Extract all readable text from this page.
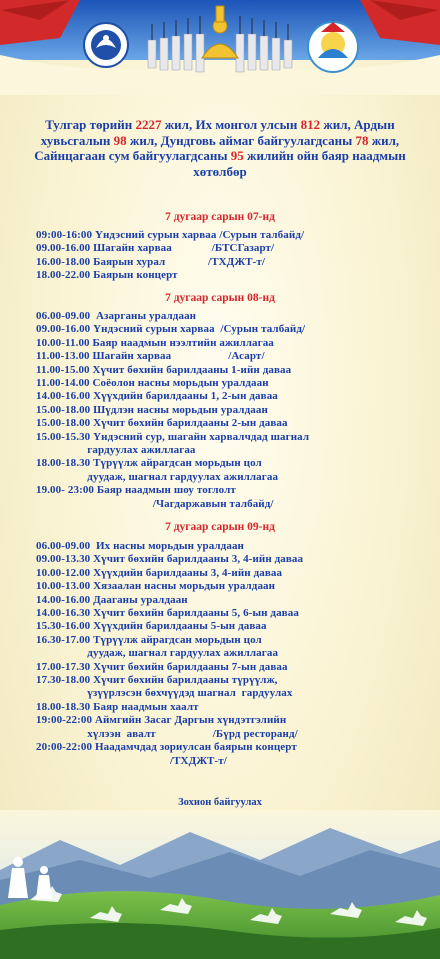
Тулгар төрийн 2227 жил, Их монгол улсын 812 жил, Ардын хувьсгалын 98 жил, Дундговь аймаг байгуулагдсаны 78 жил, Сайнцагаан сум байгуулагдсаны 95 жилийн ойн баяр наадмын хөтөлбөр
7 дугаар сарын 07-нд
09:00-16:00 Үндэсний сурын харваа /Сурын талбайд/
09.00-16.00 Шагайн харваа              /БТСГазарт/
16.00-18.00 Баярын хурал               /ТХДЖТ-т/
18.00-22.00 Баярын концерт
7 дугаар сарын 08-нд
06.00-09.00  Азарганы уралдаан
09.00-16.00 Үндэсний сурын харваа  /Сурын талбайд/
10.00-11.00 Баяр наадмын нээлтийн ажиллагаа
11.00-13.00 Шагайн харваа                    /Асарт/
11.00-15.00 Хүчит бөхийн барилдааны 1-ийн даваа
11.00-14.00 Соёолон насны морьдын уралдаан
14.00-16.00 Хүүхдийн барилдааны 1, 2-ын даваа
15.00-18.00 Шүдлэн насны морьдын уралдаан
15.00-18.00 Хүчит бөхийн барилдааны 2-ын даваа
15.00-15.30 Үндэсний сур, шагайн харвалчдад шагнал
гардуулах ажиллагаа
18.00-18.30 Түрүүлж айрагдсан морьдын цол
дуудаж, шагнал гардуулах ажиллагаа
19.00- 23:00 Баяр наадмын шоу тоглолт
/Чагдаржавын талбайд/
7 дугаар сарын 09-нд
06.00-09.00  Их насны морьдын уралдаан
09.00-13.30 Хүчит бөхийн барилдааны 3, 4-ийн даваа
10.00-12.00 Хүүхдийн барилдааны 3, 4-ийн даваа
10.00-13.00 Хязаалан насны морьдын уралдаан
14.00-16.00 Дааганы уралдаан
14.00-16.30 Хүчит бөхийн барилдааны 5, 6-ын даваа
15.30-16.00 Хүүхдийн барилдааны 5-ын даваа
16.30-17.00 Түрүүлж айрагдсан морьдын цол
дуудаж, шагнал гардуулах ажиллагаа
17.00-17.30 Хүчит бөхийн барилдааны 7-ын даваа
17.30-18.00 Хүчит бөхийн барилдааны түрүүлж,
үзүүрлэсэн бөхчүүдэд шагнал  гардуулах
18.00-18.30 Баяр наадмын хаалт
19:00-22:00 Аймгийн Засаг Даргын хүндэтгэлийн
хүлээн  авалт                    /Бүрд ресторанд/
20:00-22:00 Наадамчдад зориулсан баярын концерт
/ТХДЖТ-т/
Зохион байгуулах
